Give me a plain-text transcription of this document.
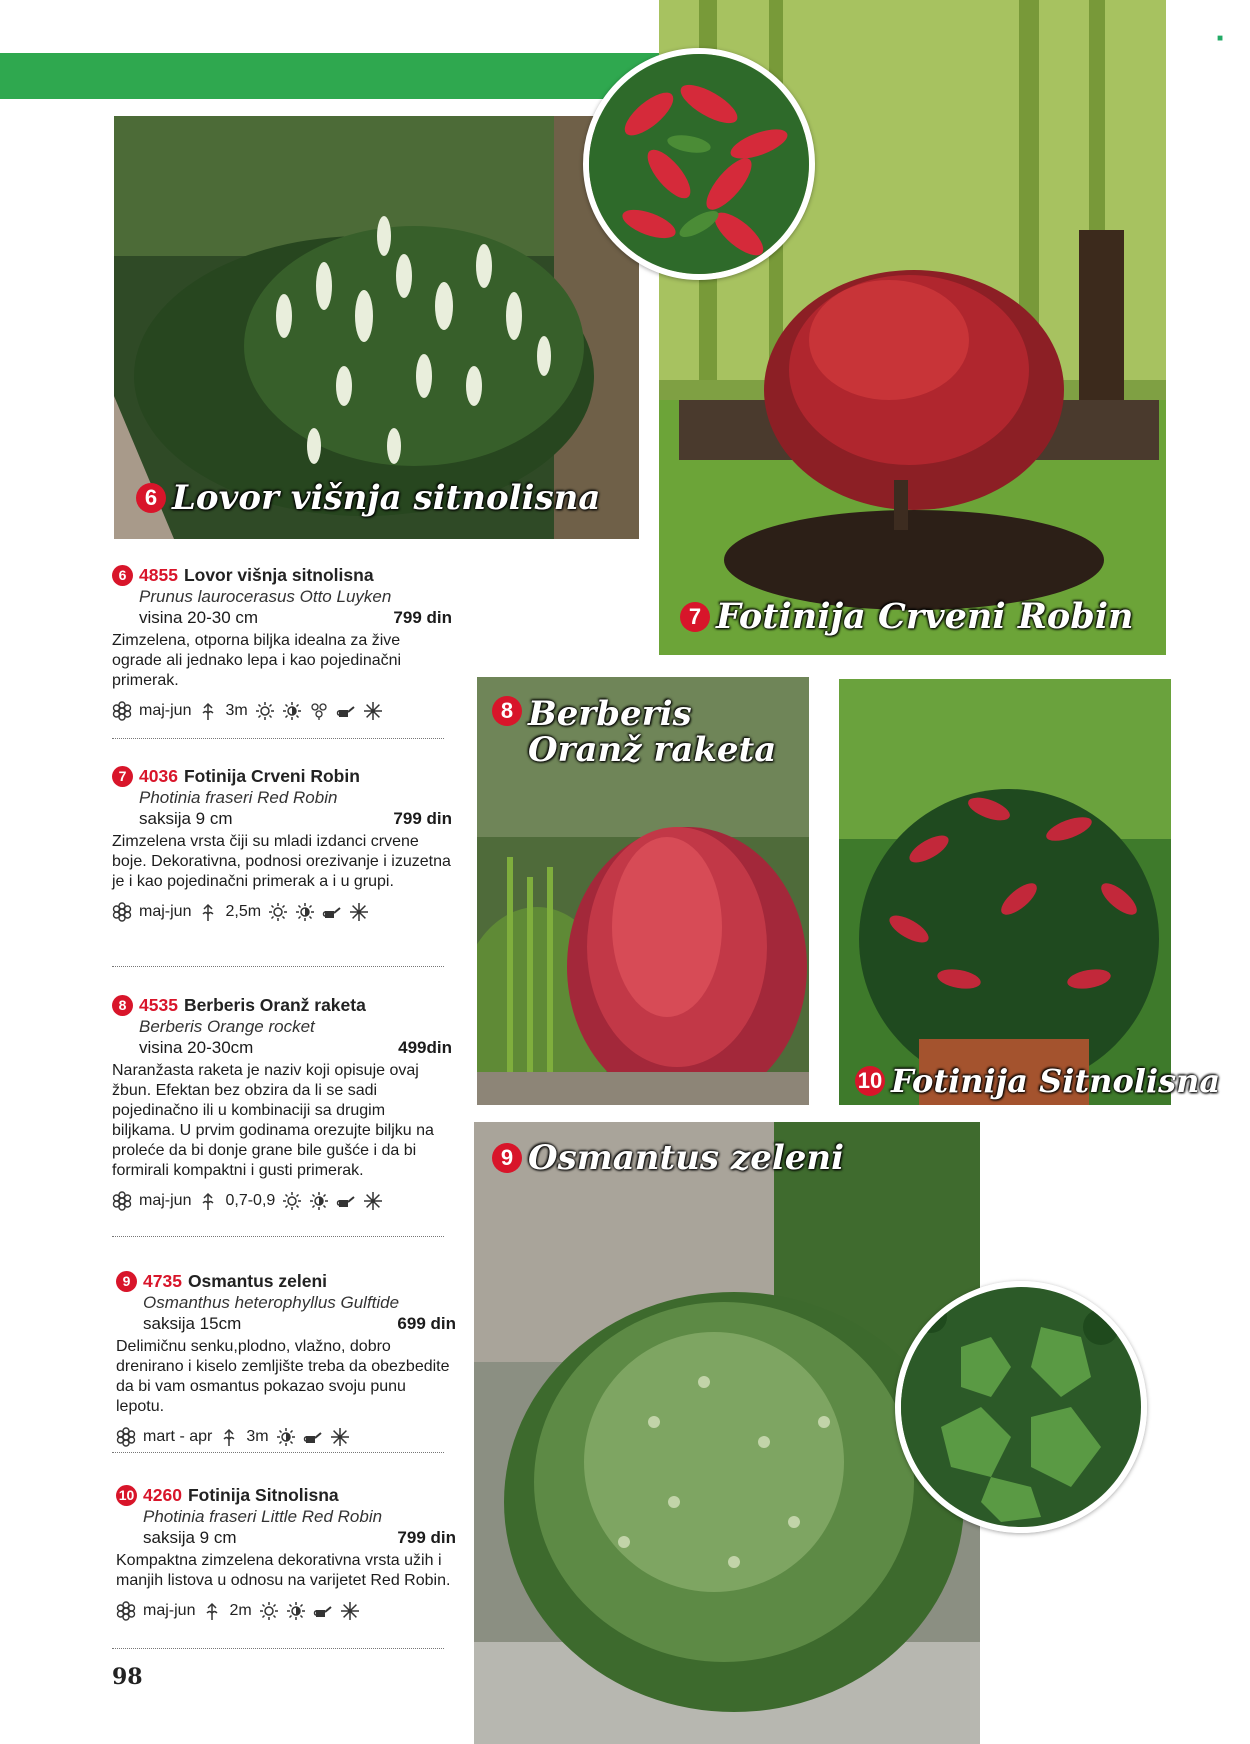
■
6 Lovor višnja sitnolisna
7 Fotinija Crveni Robin
8 Berberis Oranž raketa
10 Fotinija Sitnolisna
9 Osmantus zeleni
6 4855 Lovor višnja sitnolisna
Prunus laurocerasus Otto Luyken
visina 20-30 cm	799 din
Zimzelena, otporna biljka idealna za žive ograde ali jednako lepa i kao pojedinačni primerak.
maj-jun 3m
7 4036 Fotinija Crveni Robin
Photinia fraseri Red Robin
saksija 9 cm	799 din
Zimzelena vrsta čiji su mladi izdanci crvene boje. Dekorativna, podnosi orezivanje i izuzetna je i kao pojedinačni primerak a i u grupi.
maj-jun 2,5m
8 4535 Berberis Oranž raketa
Berberis Orange rocket
visina 20-30cm	499din
Naranžasta raketa je naziv koji opisuje ovaj žbun. Efektan bez obzira da li se sadi pojedinačno ili u kombinaciji sa drugim biljkama. U prvim godinama orezujte biljku na proleće da bi donje grane bile gušće i da bi formirali kompaktni i gusti primerak.
maj-jun 0,7-0,9
9 4735 Osmantus zeleni
Osmanthus heterophyllus Gulftide
saksija 15cm	699 din
Delimičnu senku,plodno, vlažno, dobro drenirano i kiselo zemljište treba da obezbedite da bi vam osmantus pokazao svoju punu lepotu.
mart - apr 3m
10 4260 Fotinija Sitnolisna
Photinia fraseri Little Red Robin
saksija 9 cm	799 din
Kompaktna zimzelena dekorativna vrsta užih i manjih listova u odnosu na varijetet Red Robin.
maj-jun 2m
98
